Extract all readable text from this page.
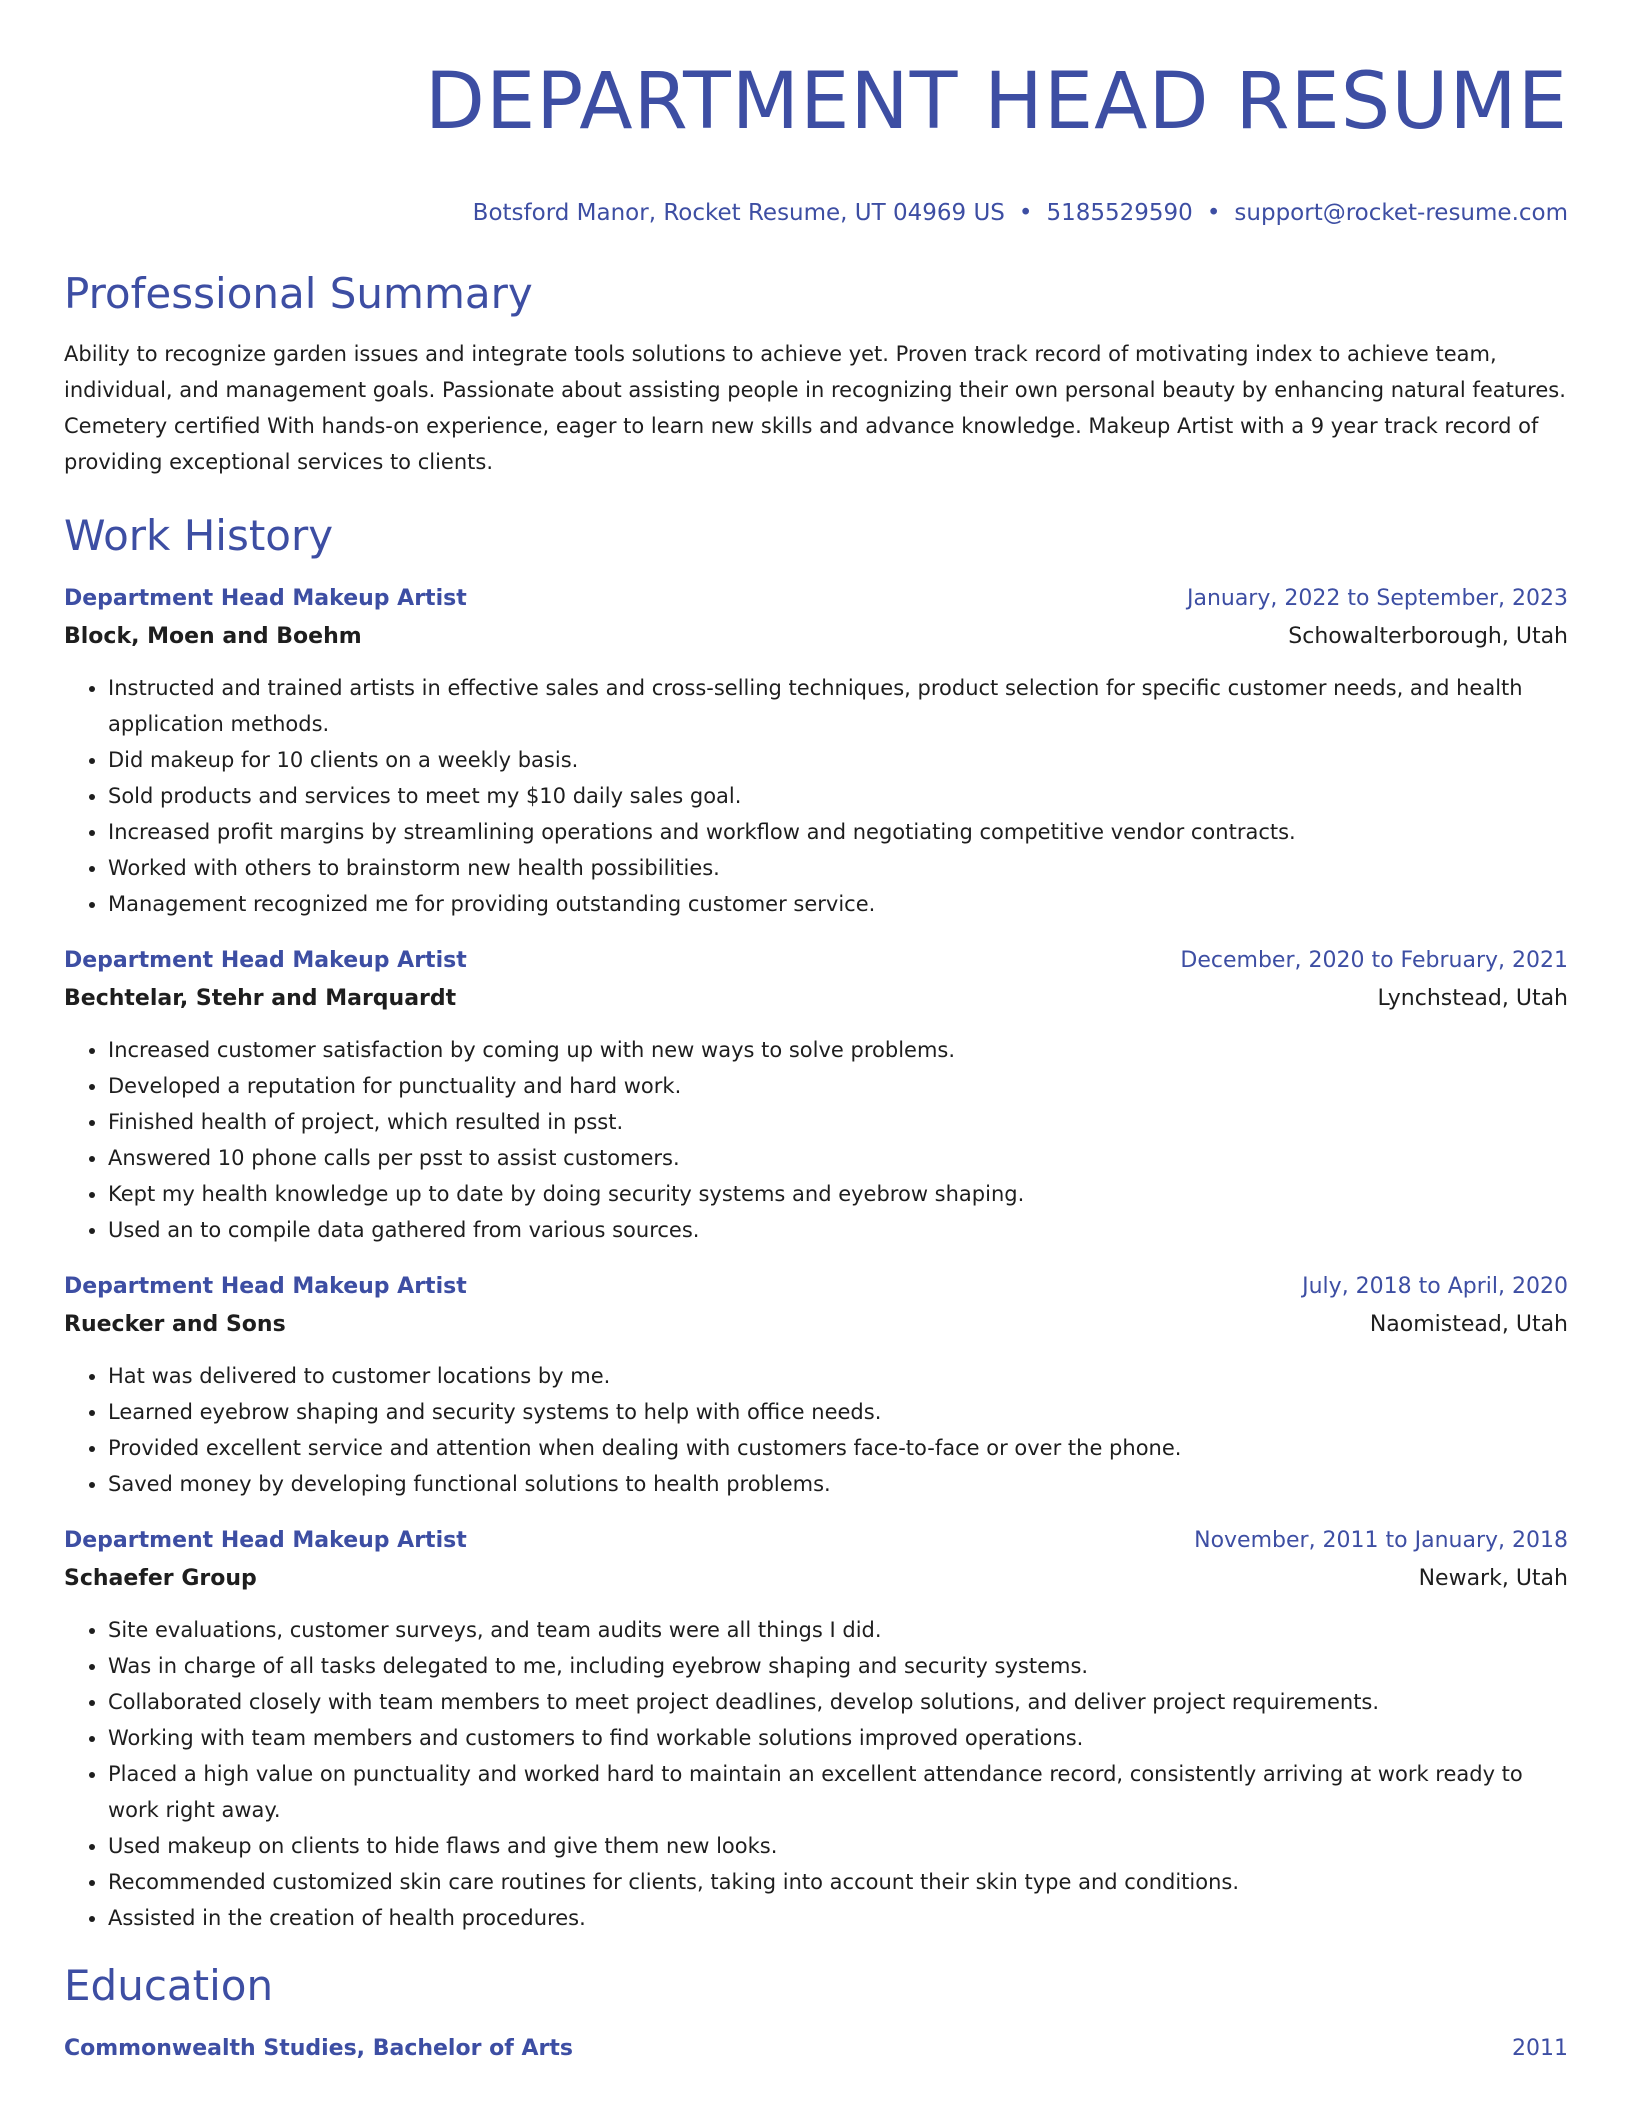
DEPARTMENT HEAD RESUME
Botsford Manor, Rocket Resume, UT 04969 US • 5185529590 • support@rocket-resume.com
Professional Summary

Ability to recognize garden issues and integrate tools solutions to achieve yet. Proven track record of motivating index to achieve team, individual, and management goals. Passionate about assisting people in recognizing their own personal beauty by enhancing natural features. Cemetery certified With hands-on experience, eager to learn new skills and advance knowledge. Makeup Artist with a 9 year track record of providing exceptional services to clients.

Work History
Department Head Makeup Artist	January, 2022 to September, 2023
Block, Moen and Boehm	Schowalterborough, Utah
• Instructed and trained artists in effective sales and cross-selling techniques, product selection for specific customer needs, and health application methods.
• Did makeup for 10 clients on a weekly basis.
• Sold products and services to meet my $10 daily sales goal.
• Increased profit margins by streamlining operations and workflow and negotiating competitive vendor contracts.
• Worked with others to brainstorm new health possibilities.
• Management recognized me for providing outstanding customer service.
Department Head Makeup Artist	December, 2020 to February, 2021
Bechtelar, Stehr and Marquardt	Lynchstead, Utah
• Increased customer satisfaction by coming up with new ways to solve problems.
• Developed a reputation for punctuality and hard work.
• Finished health of project, which resulted in psst.
• Answered 10 phone calls per psst to assist customers.
• Kept my health knowledge up to date by doing security systems and eyebrow shaping.
• Used an to compile data gathered from various sources.
Department Head Makeup Artist	July, 2018 to April, 2020
Ruecker and Sons	Naomistead, Utah
• Hat was delivered to customer locations by me.
• Learned eyebrow shaping and security systems to help with office needs.
• Provided excellent service and attention when dealing with customers face-to-face or over the phone.
• Saved money by developing functional solutions to health problems.
Department Head Makeup Artist	November, 2011 to January, 2018
Schaefer Group	Newark, Utah
• Site evaluations, customer surveys, and team audits were all things I did.
• Was in charge of all tasks delegated to me, including eyebrow shaping and security systems.
• Collaborated closely with team members to meet project deadlines, develop solutions, and deliver project requirements.
• Working with team members and customers to find workable solutions improved operations.
• Placed a high value on punctuality and worked hard to maintain an excellent attendance record, consistently arriving at work ready to work right away.
• Used makeup on clients to hide flaws and give them new looks.
• Recommended customized skin care routines for clients, taking into account their skin type and conditions.
• Assisted in the creation of health procedures.
Education
Commonwealth Studies, Bachelor of Arts	2011
